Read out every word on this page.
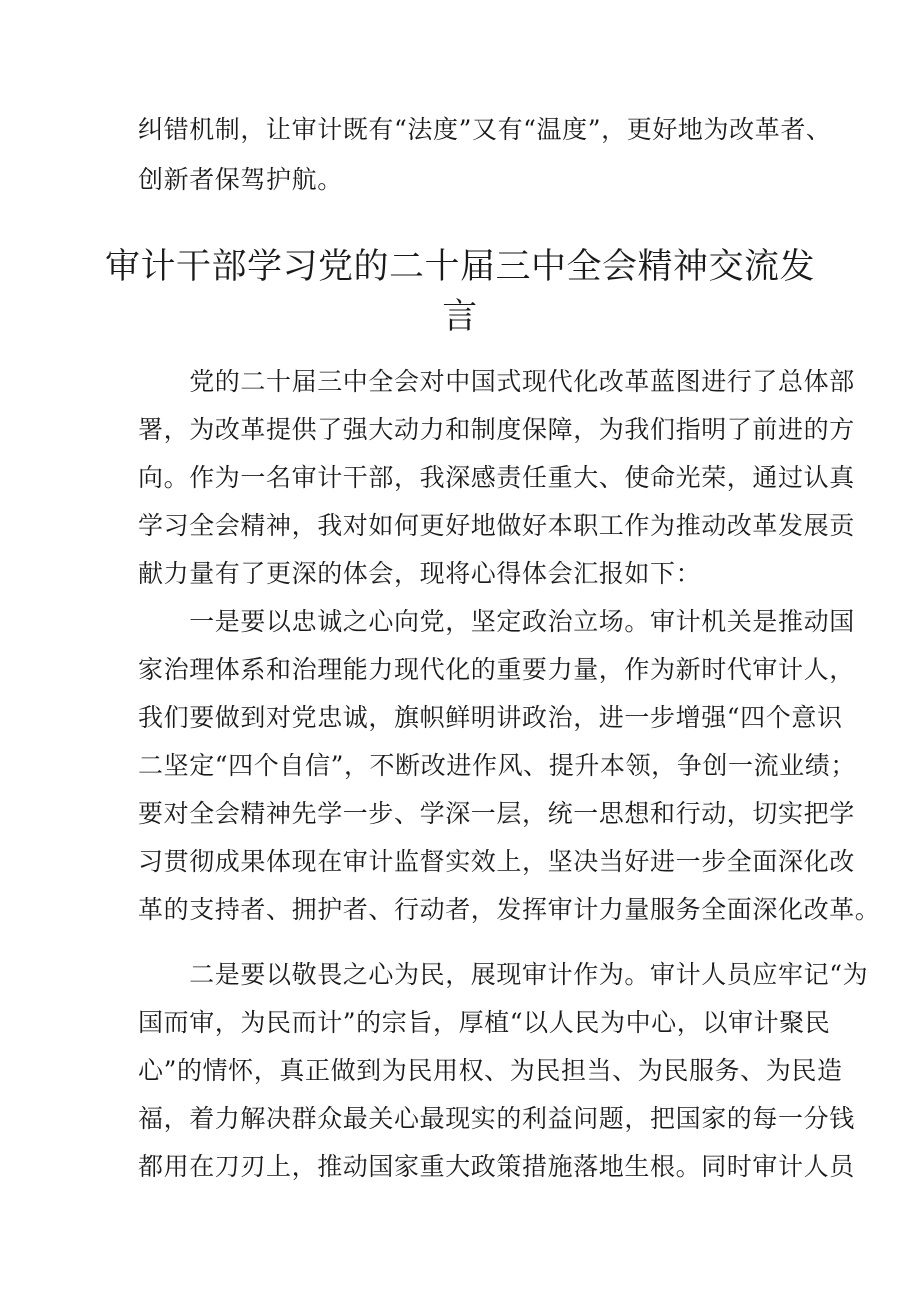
纠错机制，让审计既有“法度”又有“温度”，更好地为改革者、
创新者保驾护航。
审计干部学习党的二十届三中全会精神交流发
言
　　党的二十届三中全会对中国式现代化改革蓝图进行了总体部
署，为改革提供了强大动力和制度保障，为我们指明了前进的方
向。作为一名审计干部，我深感责任重大、使命光荣，通过认真
学习全会精神，我对如何更好地做好本职工作为推动改革发展贡
献力量有了更深的体会，现将心得体会汇报如下：
　　一是要以忠诚之心向党，坚定政治立场。审计机关是推动国
家治理体系和治理能力现代化的重要力量，作为新时代审计人，
我们要做到对党忠诚，旗帜鲜明讲政治，进一步增强“四个意识
二坚定“四个自信”，不断改进作风、提升本领，争创一流业绩；
要对全会精神先学一步、学深一层，统一思想和行动，切实把学
习贯彻成果体现在审计监督实效上，坚决当好进一步全面深化改
革的支持者、拥护者、行动者，发挥审计力量服务全面深化改革。
　　二是要以敬畏之心为民，展现审计作为。审计人员应牢记“为
国而审，为民而计”的宗旨，厚植“以人民为中心，以审计聚民
心”的情怀，真正做到为民用权、为民担当、为民服务、为民造
福，着力解决群众最关心最现实的利益问题，把国家的每一分钱
都用在刀刃上，推动国家重大政策措施落地生根。同时审计人员
